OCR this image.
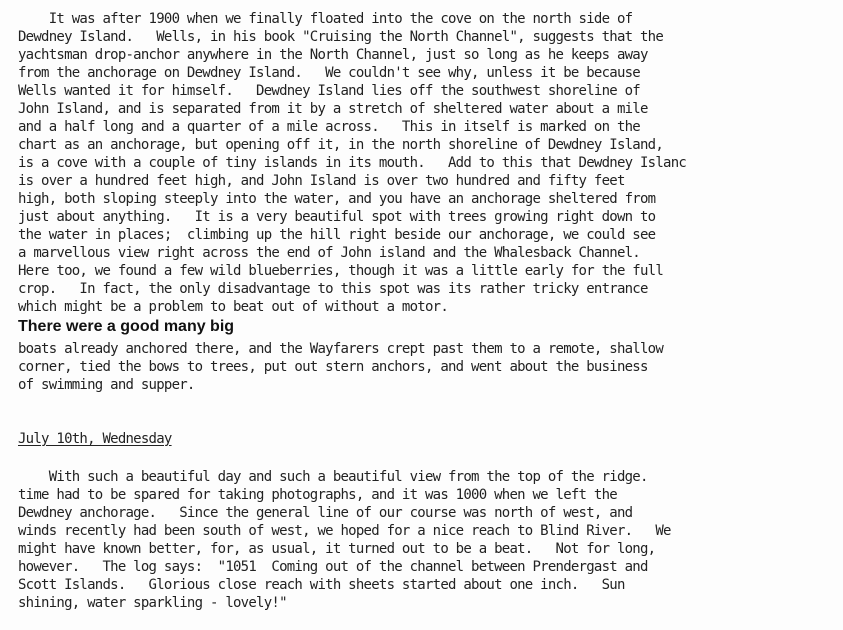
It was after 1900 when we finally floated into the cove on the north side of
Dewdney Island.   Wells, in his book "Cruising the North Channel", suggests that the
yachtsman drop-anchor anywhere in the North Channel, just so long as he keeps away
from the anchorage on Dewdney Island.   We couldn't see why, unless it be because
Wells wanted it for himself.   Dewdney Island lies off the southwest shoreline of
John Island, and is separated from it by a stretch of sheltered water about a mile
and a half long and a quarter of a mile across.   This in itself is marked on the
chart as an anchorage, but opening off it, in the north shoreline of Dewdney Island,
is a cove with a couple of tiny islands in its mouth.   Add to this that Dewdney Islanc
is over a hundred feet high, and John Island is over two hundred and fifty feet
high, both sloping steeply into the water, and you have an anchorage sheltered from
just about anything.   It is a very beautiful spot with trees growing right down to
the water in places;  climbing up the hill right beside our anchorage, we could see
a marvellous view right across the end of John island and the Whalesback Channel.
Here too, we found a few wild blueberries, though it was a little early for the full
crop.   In fact, the only disadvantage to this spot was its rather tricky entrance
which might be a problem to beat out of without a motor.
There were a good many big
boats already anchored there, and the Wayfarers crept past them to a remote, shallow
corner, tied the bows to trees, put out stern anchors, and went about the business
of swimming and supper.
July 10th, Wednesday
With such a beautiful day and such a beautiful view from the top of the ridge.
time had to be spared for taking photographs, and it was 1000 when we left the
Dewdney anchorage.   Since the general line of our course was north of west, and
winds recently had been south of west, we hoped for a nice reach to Blind River.   We
might have known better, for, as usual, it turned out to be a beat.   Not for long,
however.   The log says:  "1051  Coming out of the channel between Prendergast and
Scott Islands.   Glorious close reach with sheets started about one inch.   Sun
shining, water sparkling - lovely!"
